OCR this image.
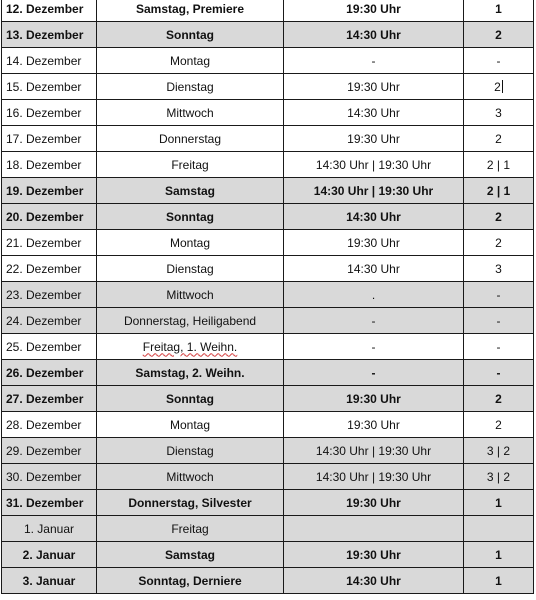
12. Dezember	Samstag, Premiere	19:30 Uhr	1
13. Dezember	Sonntag	14:30 Uhr	2
14. Dezember	Montag	-	-
15. Dezember	Dienstag	19:30 Uhr	2
16. Dezember	Mittwoch	14:30 Uhr	3
17. Dezember	Donnerstag	19:30 Uhr	2
18. Dezember	Freitag	14:30 Uhr | 19:30 Uhr	2 | 1
19. Dezember	Samstag	14:30 Uhr | 19:30 Uhr	2 | 1
20. Dezember	Sonntag	14:30 Uhr	2
21. Dezember	Montag	19:30 Uhr	2
22. Dezember	Dienstag	14:30 Uhr	3
23. Dezember	Mittwoch	.	-
24. Dezember	Donnerstag, Heiligabend	-	-
25. Dezember	Freitag, 1. Weihn.	-	-
26. Dezember	Samstag, 2. Weihn.	-	-
27. Dezember	Sonntag	19:30 Uhr	2
28. Dezember	Montag	19:30 Uhr	2
29. Dezember	Dienstag	14:30 Uhr | 19:30 Uhr	3 | 2
30. Dezember	Mittwoch	14:30 Uhr | 19:30 Uhr	3 | 2
31. Dezember	Donnerstag, Silvester	19:30 Uhr	1
1. Januar	Freitag		
2. Januar	Samstag	19:30 Uhr	1
3. Januar	Sonntag, Derniere	14:30 Uhr	1
